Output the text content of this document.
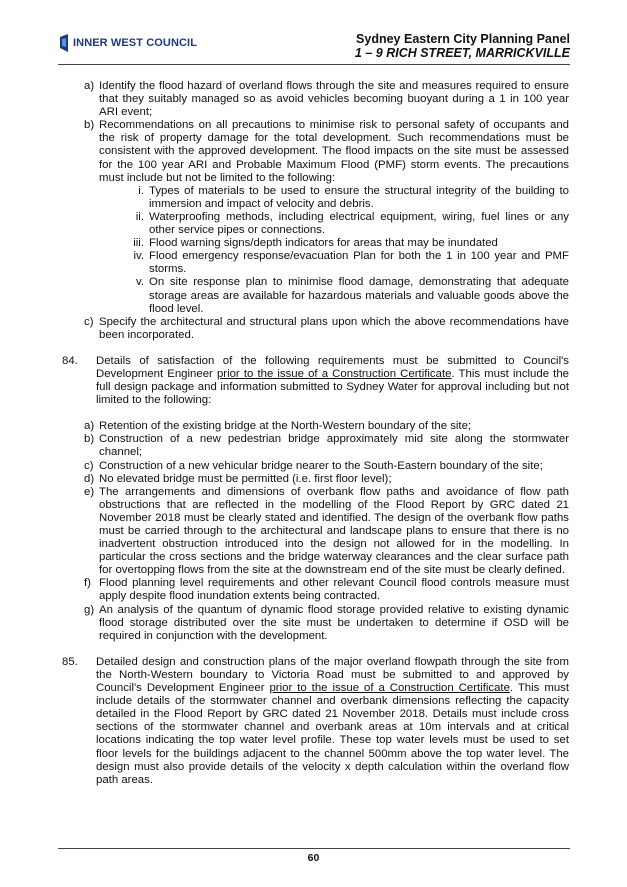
INNER WEST COUNCIL	Sydney Eastern City Planning Panel
1 – 9 RICH STREET, MARRICKVILLE
a) Identify the flood hazard of overland flows through the site and measures required to ensure that they suitably managed so as avoid vehicles becoming buoyant during a 1 in 100 year ARI event;
b) Recommendations on all precautions to minimise risk to personal safety of occupants and the risk of property damage for the total development. Such recommendations must be consistent with the approved development. The flood impacts on the site must be assessed for the 100 year ARI and Probable Maximum Flood (PMF) storm events. The precautions must include but not be limited to the following:
i. Types of materials to be used to ensure the structural integrity of the building to immersion and impact of velocity and debris.
ii. Waterproofing methods, including electrical equipment, wiring, fuel lines or any other service pipes or connections.
iii. Flood warning signs/depth indicators for areas that may be inundated
iv. Flood emergency response/evacuation Plan for both the 1 in 100 year and PMF storms.
v. On site response plan to minimise flood damage, demonstrating that adequate storage areas are available for hazardous materials and valuable goods above the flood level.
c) Specify the architectural and structural plans upon which the above recommendations have been incorporated.
84. Details of satisfaction of the following requirements must be submitted to Council's Development Engineer prior to the issue of a Construction Certificate. This must include the full design package and information submitted to Sydney Water for approval including but not limited to the following:
a) Retention of the existing bridge at the North-Western boundary of the site;
b) Construction of a new pedestrian bridge approximately mid site along the stormwater channel;
c) Construction of a new vehicular bridge nearer to the South-Eastern boundary of the site;
d) No elevated bridge must be permitted (i.e. first floor level);
e) The arrangements and dimensions of overbank flow paths and avoidance of flow path obstructions that are reflected in the modelling of the Flood Report by GRC dated 21 November 2018 must be clearly stated and identified. The design of the overbank flow paths must be carried through to the architectural and landscape plans to ensure that there is no inadvertent obstruction introduced into the design not allowed for in the modelling. In particular the cross sections and the bridge waterway clearances and the clear surface path for overtopping flows from the site at the downstream end of the site must be clearly defined.
f) Flood planning level requirements and other relevant Council flood controls measure must apply despite flood inundation extents being contracted.
g) An analysis of the quantum of dynamic flood storage provided relative to existing dynamic flood storage distributed over the site must be undertaken to determine if OSD will be required in conjunction with the development.
85. Detailed design and construction plans of the major overland flowpath through the site from the North-Western boundary to Victoria Road must be submitted to and approved by Council's Development Engineer prior to the issue of a Construction Certificate. This must include details of the stormwater channel and overbank dimensions reflecting the capacity detailed in the Flood Report by GRC dated 21 November 2018. Details must include cross sections of the stormwater channel and overbank areas at 10m intervals and at critical locations indicating the top water level profile. These top water levels must be used to set floor levels for the buildings adjacent to the channel 500mm above the top water level. The design must also provide details of the velocity x depth calculation within the overland flow path areas.
60
